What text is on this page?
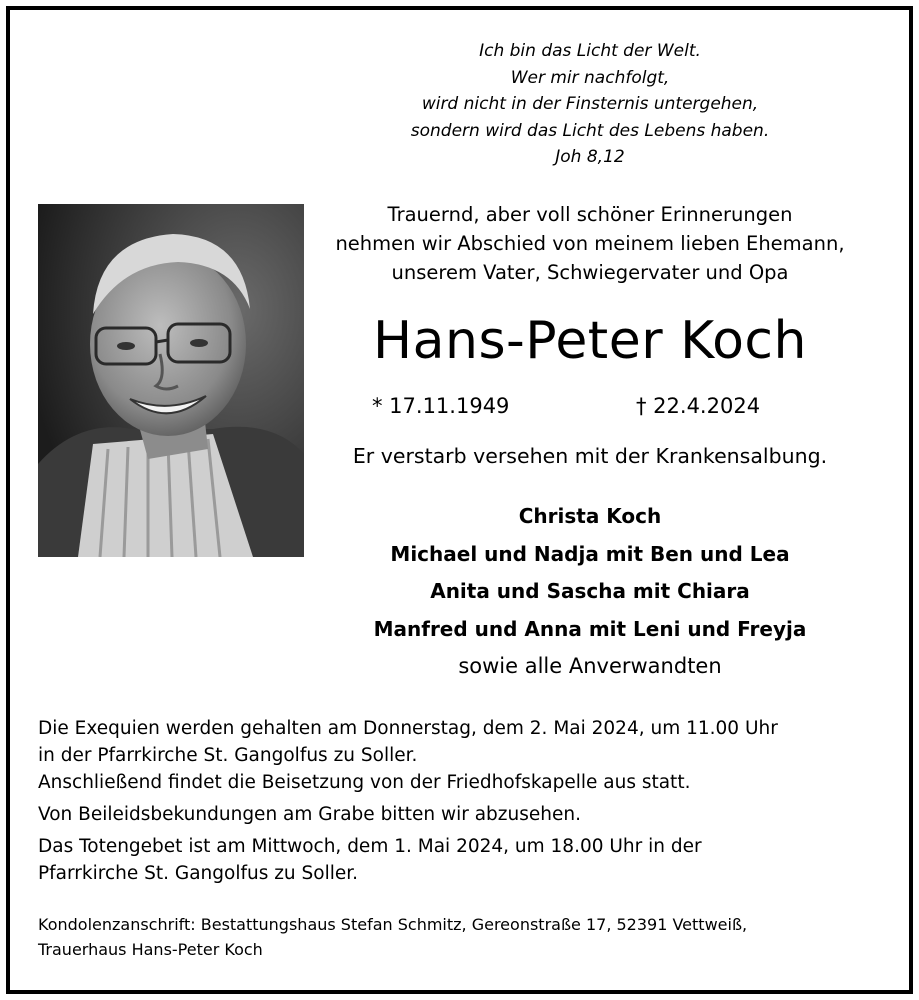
Ich bin das Licht der Welt.
Wer mir nachfolgt,
wird nicht in der Finsternis untergehen,
sondern wird das Licht des Lebens haben.
Joh 8,12
Trauernd, aber voll schöner Erinnerungen
nehmen wir Abschied von meinem lieben Ehemann,
unserem Vater, Schwiegervater und Opa
Hans-Peter Koch
* 17.11.1949	† 22.4.2024
Er verstarb versehen mit der Krankensalbung.
Christa Koch
Michael und Nadja mit Ben und Lea
Anita und Sascha mit Chiara
Manfred und Anna mit Leni und Freyja
sowie alle Anverwandten
Die Exequien werden gehalten am Donnerstag, dem 2. Mai 2024, um 11.00 Uhr
in der Pfarrkirche St. Gangolfus zu Soller.
Anschließend findet die Beisetzung von der Friedhofskapelle aus statt.
Von Beileidsbekundungen am Grabe bitten wir abzusehen.
Das Totengebet ist am Mittwoch, dem 1. Mai 2024, um 18.00 Uhr in der
Pfarrkirche St. Gangolfus zu Soller.
Kondolenzanschrift: Bestattungshaus Stefan Schmitz, Gereonstraße 17, 52391 Vettweiß,
Trauerhaus Hans-Peter Koch
